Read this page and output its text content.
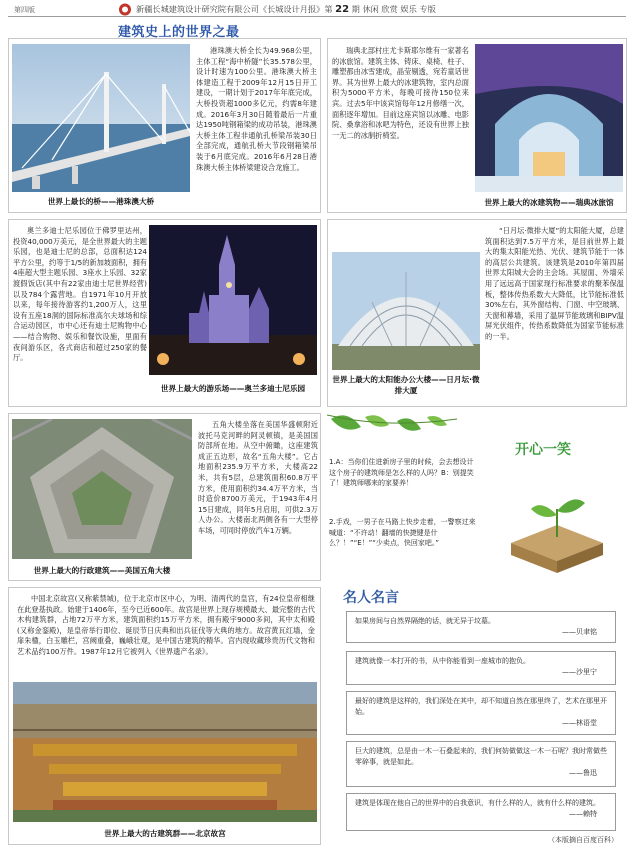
第四版	新疆长城建筑设计研究院有限公司《长城设计月报》第 22 期 休闲 欣赏 娱乐 专版
建筑史上的世界之最
世界上最长的桥——港珠澳大桥
港珠澳大桥全长为49.968公里，主体工程“海中桥隧”长35.578公里，设计时速为100公里。港珠澳大桥主体建造工程于2009年12月15日开工建设，一期计划于2017年年底完成，大桥投资超1000多亿元，约需8年建成。2016年3月30日随着最后一片重达1950吨钢箱梁的成功吊装，港珠澳大桥主体工程非通航孔桥梁吊装30日全部完成，通航孔桥大节段钢箱梁吊装于6月底完成。2016年6月28日港珠澳大桥主体桥梁建设合龙施工。
瑞典北部村庄尤卡斯耶尔维有一家著名的冰旅馆。建筑主体、铸床、桌椅、柱子、雕塑都由冰雪建成，晶莹剔透，宛若童话世界。其为世界上最大的冰建筑物，室内总面积为5000平方米，每晚可接待150位来宾。过去5年中该宾馆每年12月修缮一次，面积逐年增加。目前这座宾馆以冰雕、电影院、桑拿浴和冰吧为特色，还设有世界上独一无二的冰制折椅室。
世界上最大的冰建筑物——瑞典冰旅馆
奥兰多迪士尼乐园位于佛罗里达州，投资40,000万美元，是全世界最大的主题乐园，也是迪士尼的总部，总面积达124平方公里，约等于1/5的新加坡面积，拥有4座超大型主题乐园、3座水上乐园、32家渡假饭店(其中有22家由迪士尼世界经营)以及784个露营地。自1971年10月开放以来，每年接待游客约1,200万人，这里设有五座18洞的国际标准高尔夫球场和综合运动园区，市中心还有迪士尼购物中心——结合购物、娱乐和餐饮设施，里面有夜间游乐区，各式商店和超过250家的餐厅。
世界上最大的游乐场——奥兰多迪士尼乐园
世界上最大的太阳能办公大楼——日月坛·微排大厦
“日月坛·微排大厦”的太阳能大厦，总建筑面积达到7.5万平方米，是目前世界上最大的集太阳能光热、光伏、建筑节能于一体的高层公共建筑。该建筑是2010年第四届世界太阳城大会的主会场。其屋面、外墙采用了远远高于国家现行标准要求的聚苯保温板，整体传热系数大大降低，比节能标准低30%左右，其外窗结构、门窗、中空玻璃、天窗和幕墙，采用了温屏节能玻璃和BIPV温屏光伏组件，传热系数降低为国家节能标准的一半。
世界上最大的行政建筑——美国五角大楼
五角大楼坐落在美国华盛顿附近波托马克河畔的阿灵顿镇，是美国国防部所在地。从空中俯瞰，这座建筑成正五边形，故名“五角大楼”。它占地面积235.9万平方米，大楼高22米，共有5层，总建筑面积60.8万平方米，使用面积约34.4万平方米，当时造价8700万美元，于1943年4月15日建成，同年5月启用，可供2.3万人办公。大楼南北两侧各有一大型停车场，可同时停放汽车1万辆。
开心一笑
1.A：当你们住进新房子里的时候，会去想设计这个房子的建筑师是怎么样的人吗？B：别提笑了！建筑师哪来的家要养！
2.手戏，一男子在马路上快步走着，一警察过来喊道：“不许动！翻墙的快捷键是什么？！”“E！”“少卖点，快回家吧。”
中国北京故宫(又称紫禁城)，位于北京市区中心，为明、清两代的皇宫，有24位皇帝相继在此登基执政。始建于1406年，至今已近600年。故宫是世界上现存规模最大、最完整的古代木构建筑群，占地72万平方米，建筑面积约15万平方米，拥有殿宇9000多间，其中太和殿(又称金銮殿)，是皇帝举行即位、诞辰节日庆典和出兵征伐等大典的地方。故宫黄瓦红墙，金扉朱楹，白玉雕栏，宫阙重叠，巍峨壮观，是中国古建筑的精华。宫内现收藏珍贵历代文物和艺术品约100万件。1987年12月它被列入《世界遗产名录》。
世界上最大的古建筑群——北京故宫
名人名言
如果房间与自然界隔绝的话，就无异于坟墓。
——贝聿铭
建筑就像一本打开的书，从中你能看到一座城市的抱负。
——沙里宁
最好的建筑是这样的，我们深处在其中，却不知道自然在那里终了，艺术在那里开始。
——林语堂
巨大的建筑，总是由一木一石叠起来的，我们何妨做做这一木一石呢？我时常做些零碎事，就是如此。
——鲁迅
建筑是体现在他自己的世界中的自我意识，有什么样的人，就有什么样的建筑。
——赖特
（本版摘自百度百科）
